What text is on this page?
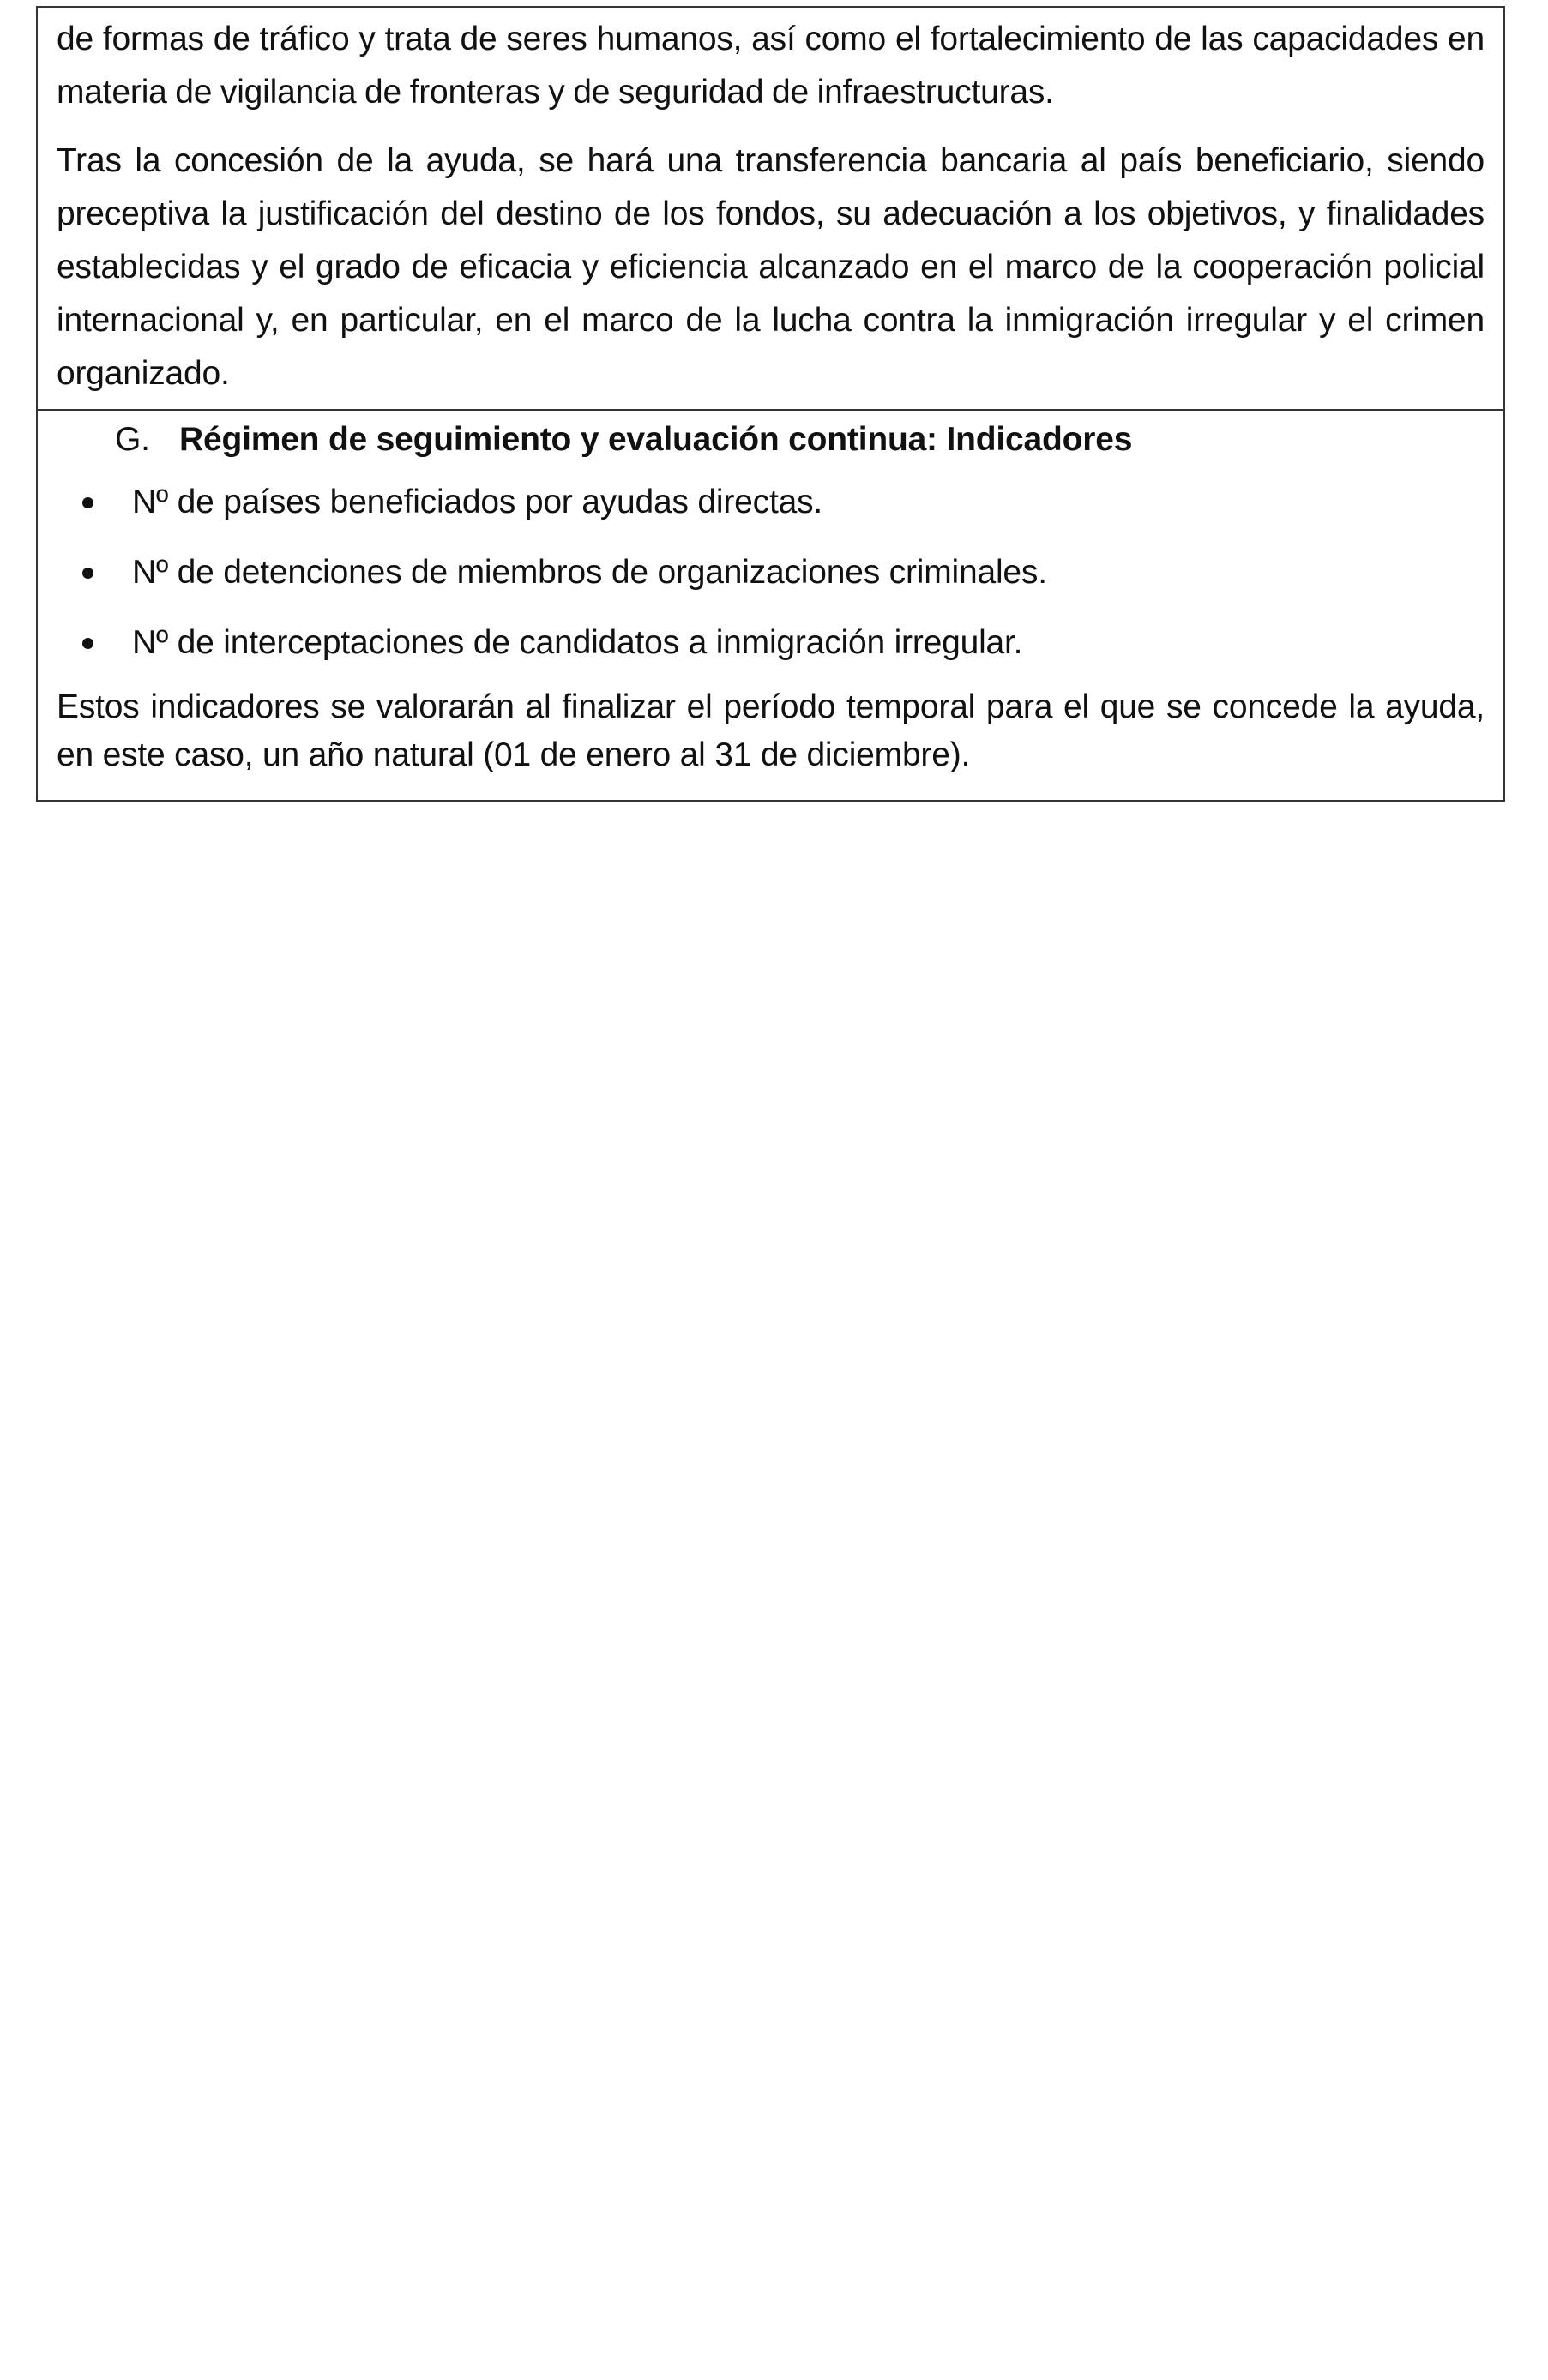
de formas de tráfico y trata de seres humanos, así como el fortalecimiento de las capacidades en materia de vigilancia de fronteras y de seguridad de infraestructuras.

Tras la concesión de la ayuda, se hará una transferencia bancaria al país beneficiario, siendo preceptiva la justificación del destino de los fondos, su adecuación a los objetivos, y finalidades establecidas y el grado de eficacia y eficiencia alcanzado en el marco de la cooperación policial internacional y, en particular, en el marco de la lucha contra la inmigración irregular y el crimen organizado.

G. Régimen de seguimiento y evaluación continua: Indicadores
Nº de países beneficiados por ayudas directas.
Nº de detenciones de miembros de organizaciones criminales.
Nº de interceptaciones de candidatos a inmigración irregular.

Estos indicadores se valorarán al finalizar el período temporal para el que se concede la ayuda, en este caso, un año natural (01 de enero al 31 de diciembre).
